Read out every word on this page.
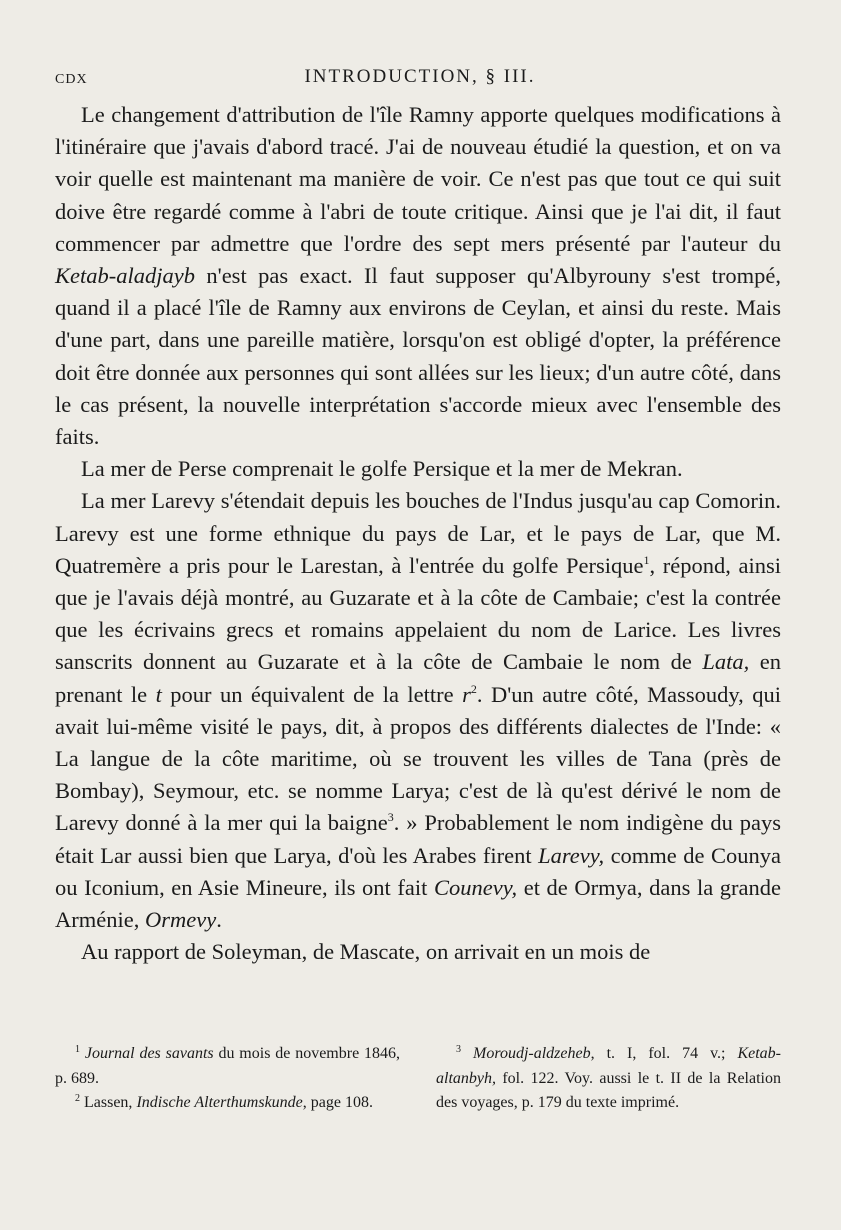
CDX	INTRODUCTION, § III.

Le changement d'attribution de l'île Ramny apporte quelques modifications à l'itinéraire que j'avais d'abord tracé. J'ai de nouveau étudié la question, et on va voir quelle est maintenant ma manière de voir. Ce n'est pas que tout ce qui suit doive être regardé comme à l'abri de toute critique. Ainsi que je l'ai dit, il faut commencer par admettre que l'ordre des sept mers présenté par l'auteur du Ketab-aladjayb n'est pas exact. Il faut supposer qu'Albyrouny s'est trompé, quand il a placé l'île de Ramny aux environs de Ceylan, et ainsi du reste. Mais d'une part, dans une pareille matière, lorsqu'on est obligé d'opter, la préférence doit être donnée aux personnes qui sont allées sur les lieux; d'un autre côté, dans le cas présent, la nouvelle interprétation s'accorde mieux avec l'ensemble des faits.

La mer de Perse comprenait le golfe Persique et la mer de Mekran.

La mer Larevy s'étendait depuis les bouches de l'Indus jusqu'au cap Comorin. Larevy est une forme ethnique du pays de Lar, et le pays de Lar, que M. Quatremère a pris pour le Larestan, à l'entrée du golfe Persique$^1$, répond, ainsi que je l'avais déjà montré, au Guzarate et à la côte de Cambaie; c'est la contrée que les écrivains grecs et romains appelaient du nom de Larice. Les livres sanscrits donnent au Guzarate et à la côte de Cambaie le nom de Lata, en prenant le t pour un équivalent de la lettre $r^2$. D'un autre côté, Massoudy, qui avait lui-même visité le pays, dit, à propos des différents dialectes de l'Inde: « La langue de la côte maritime, où se trouvent les villes de Tana (près de Bombay), Seymour, etc. se nomme Larya; c'est de là qu'est dérivé le nom de Larevy donné à la mer qui la baigne$^3$. » Probablement le nom indigène du pays était Lar aussi bien que Larya, d'où les Arabes firent Larevy, comme de Counya ou Iconium, en Asie Mineure, ils ont fait Counevy, et de Ormya, dans la grande Arménie, Ormevy.

Au rapport de Soleyman, de Mascate, on arrivait en un mois de

$^1$ Journal des savants du mois de novembre 1846, p. 689.

$^2$ Lassen, Indische Alterthumskunde, page 108.

$^3$ Moroudj-aldzeheb, t. I, fol. 74 v.; Ketab-altanbyh, fol. 122. Voy. aussi le t. II de la Relation des voyages, p. 179 du texte imprimé.
